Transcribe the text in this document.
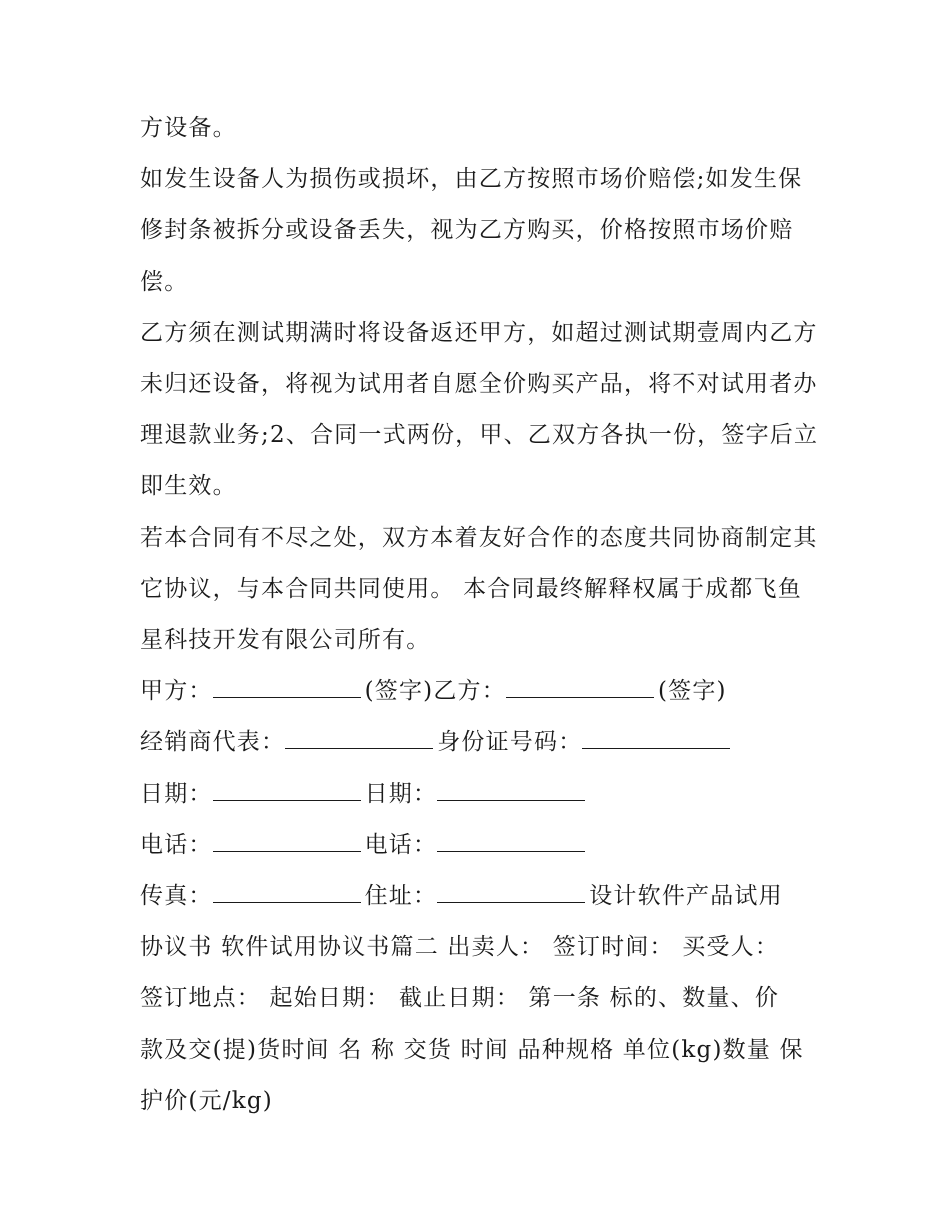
方设备。

如发生设备人为损伤或损坏，由乙方按照市场价赔偿;如发生保修封条被拆分或设备丢失，视为乙方购买，价格按照市场价赔偿。

乙方须在测试期满时将设备返还甲方，如超过测试期壹周内乙方未归还设备，将视为试用者自愿全价购买产品，将不对试用者办理退款业务;2、合同一式两份，甲、乙双方各执一份，签字后立即生效。

若本合同有不尽之处，双方本着友好合作的态度共同协商制定其它协议，与本合同共同使用。 本合同最终解释权属于成都飞鱼星科技开发有限公司所有。

甲方：	(签字)乙方：	(签字)

经销商代表：	身份证号码：

日期：	日期：

电话：	电话：

传真：	住址：	设计软件产品试用

协议书 软件试用协议书篇二 出卖人： 签订时间： 买受人：

签订地点： 起始日期： 截止日期： 第一条 标的、数量、价

款及交(提)货时间 名 称 交货 时间 品种规格 单位(kg)数量 保

护价(元/kg)
